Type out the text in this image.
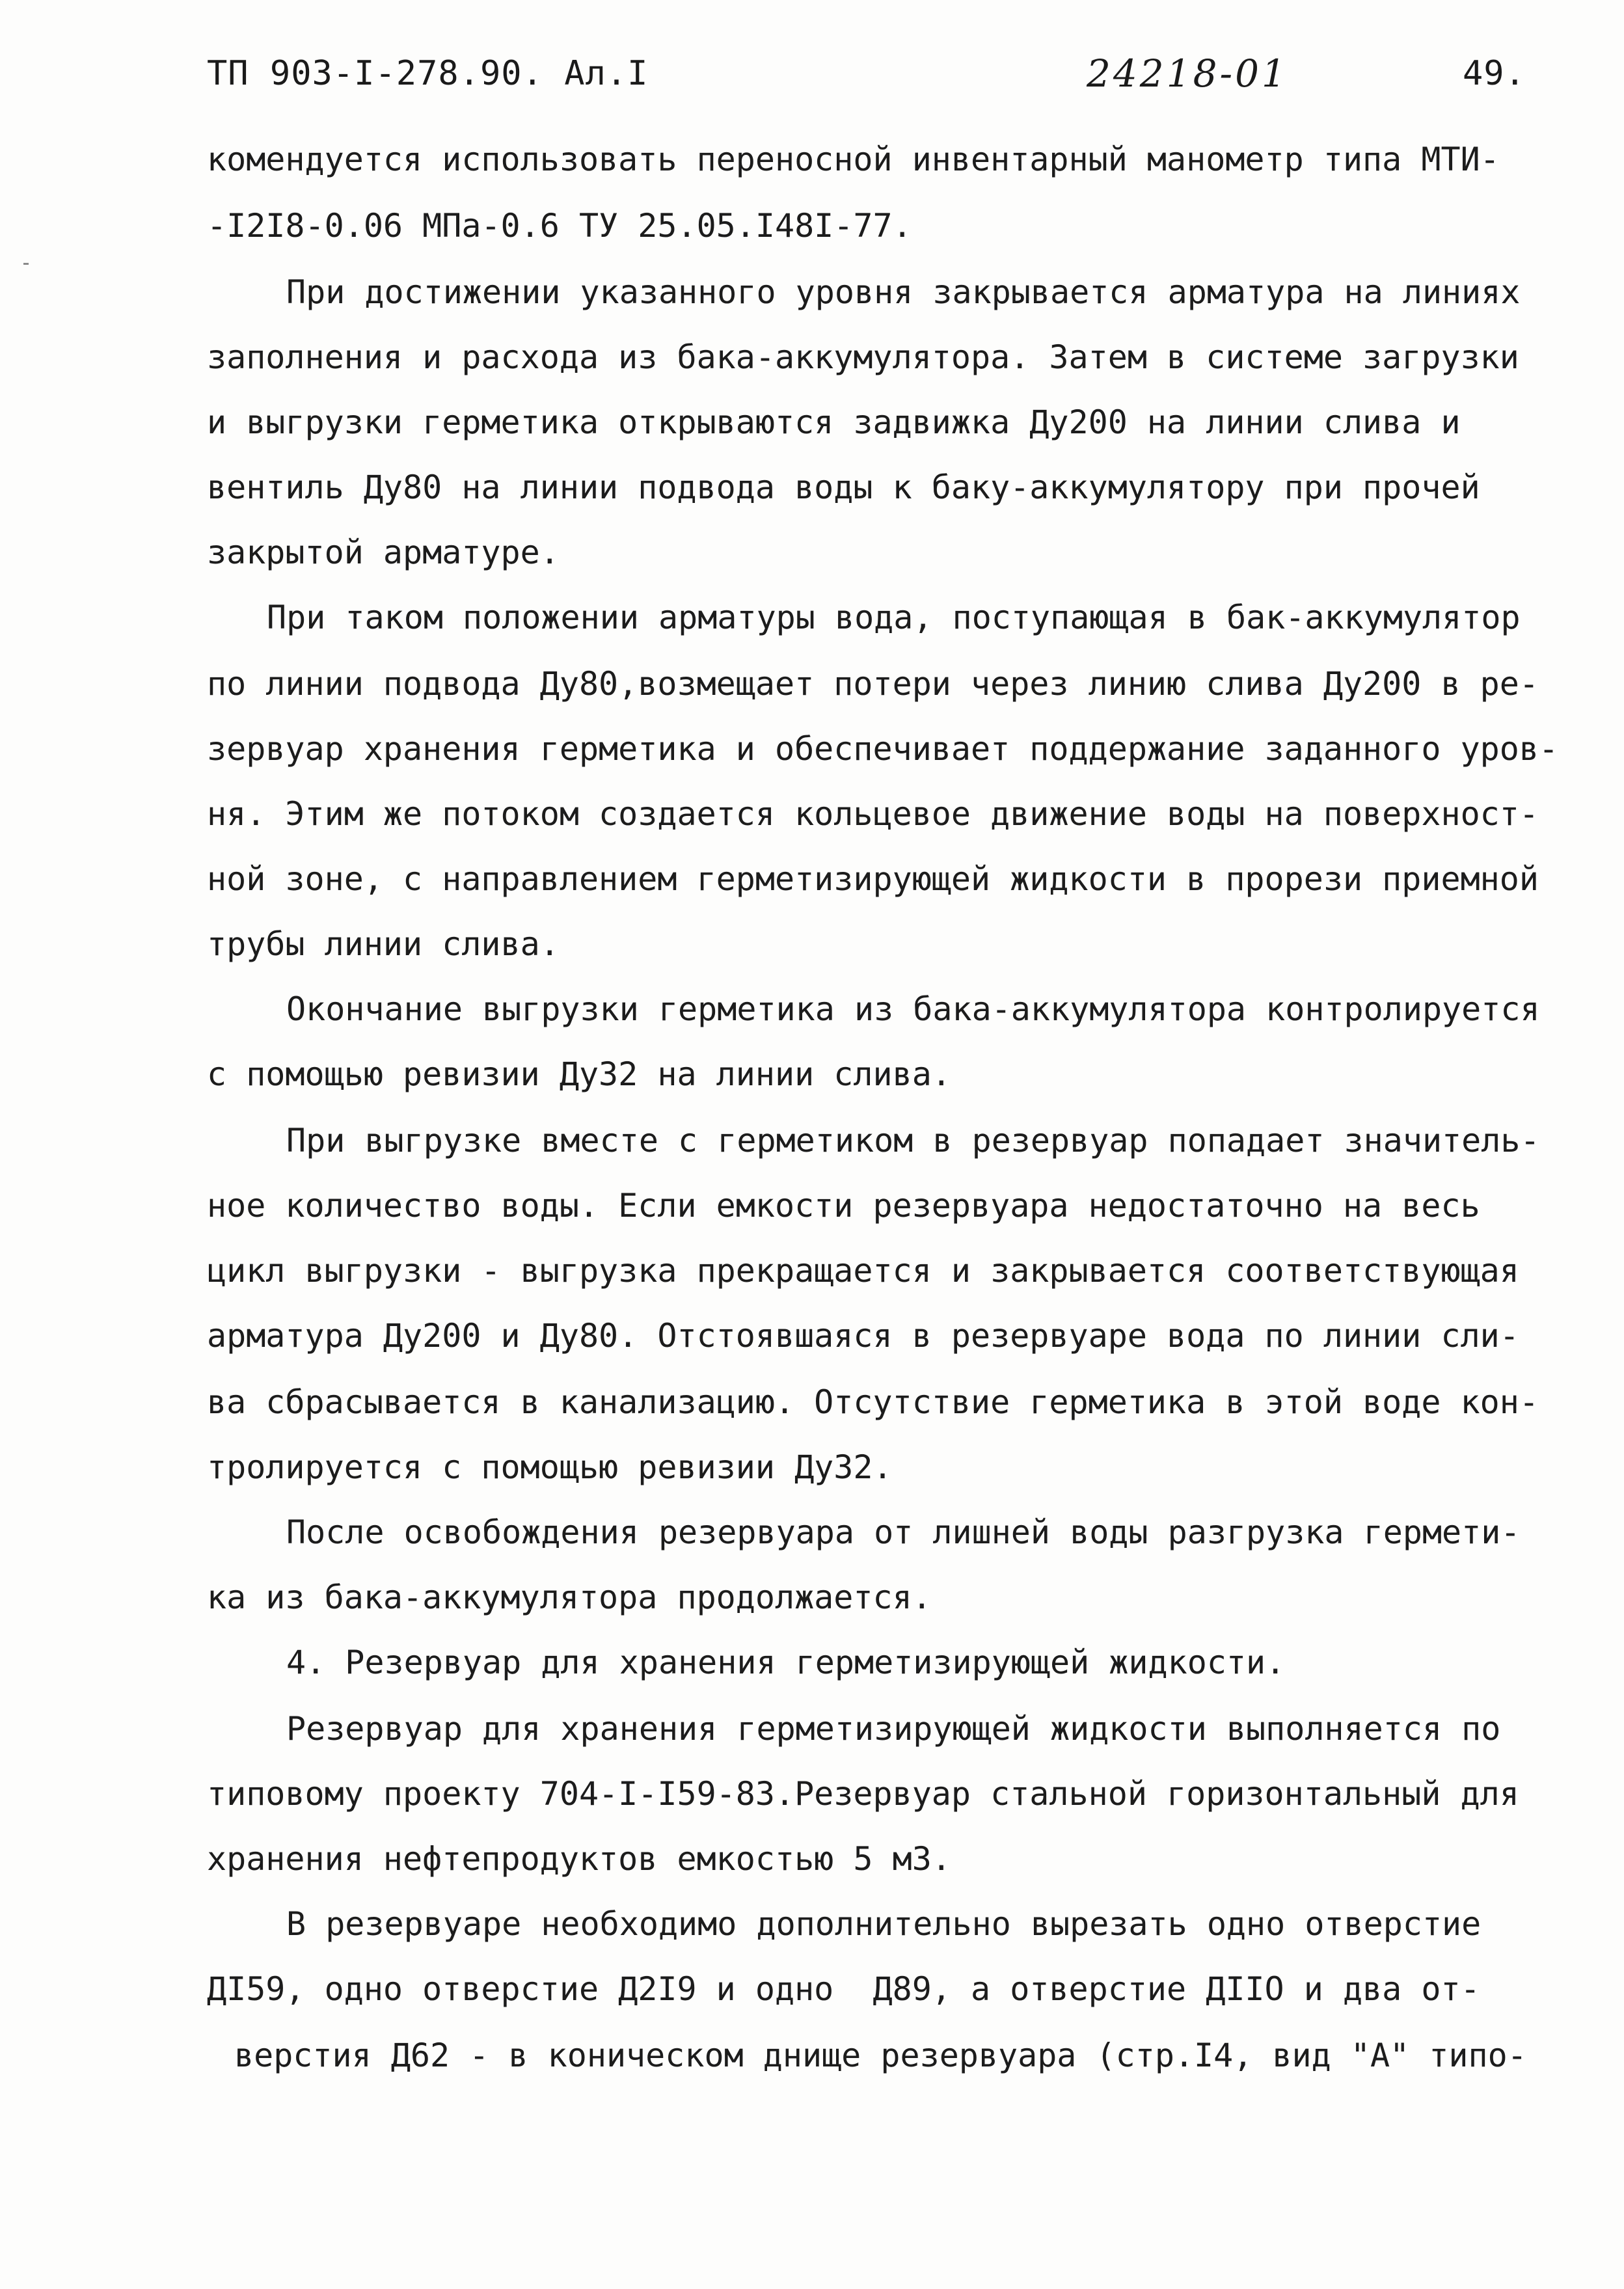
ТП 903-I-278.90. Ал.I	24218-01	49.
комендуется использовать переносной инвентарный манометр типа МТИ-
-I2I8-0.06 МПа-0.6 ТУ 25.05.I48I-77.
При достижении указанного уровня закрывается арматура на линиях
заполнения и расхода из бака-аккумулятора. Затем в системе загрузки
и выгрузки герметика открываются задвижка Ду200 на линии слива и
вентиль Ду80 на линии подвода воды к баку-аккумулятору при прочей
закрытой арматуре.
При таком положении арматуры вода, поступающая в бак-аккумулятор
по линии подвода Ду80,возмещает потери через линию слива Ду200 в ре-
зервуар хранения герметика и обеспечивает поддержание заданного уров-
ня. Этим же потоком создается кольцевое движение воды на поверхност-
ной зоне, с направлением герметизирующей жидкости в прорези приемной
трубы линии слива.
Окончание выгрузки герметика из бака-аккумулятора контролируется
с помощью ревизии Ду32 на линии слива.
При выгрузке вместе с герметиком в резервуар попадает значитель-
ное количество воды. Если емкости резервуара недостаточно на весь
цикл выгрузки - выгрузка прекращается и закрывается соответствующая
арматура Ду200 и Ду80. Отстоявшаяся в резервуаре вода по линии сли-
ва сбрасывается в канализацию. Отсутствие герметика в этой воде кон-
тролируется с помощью ревизии Ду32.
После освобождения резервуара от лишней воды разгрузка гермети-
ка из бака-аккумулятора продолжается.
4. Резервуар для хранения герметизирующей жидкости.
Резервуар для хранения герметизирующей жидкости выполняется по
типовому проекту 704-I-I59-83.Резервуар стальной горизонтальный для
хранения нефтепродуктов емкостью 5 м3.
В резервуаре необходимо дополнительно вырезать одно отверстие
ДI59, одно отверстие Д2I9 и одно  Д89, а отверстие ДIIО и два от-
верстия Д62 - в коническом днище резервуара (стр.I4, вид "А" типо-
